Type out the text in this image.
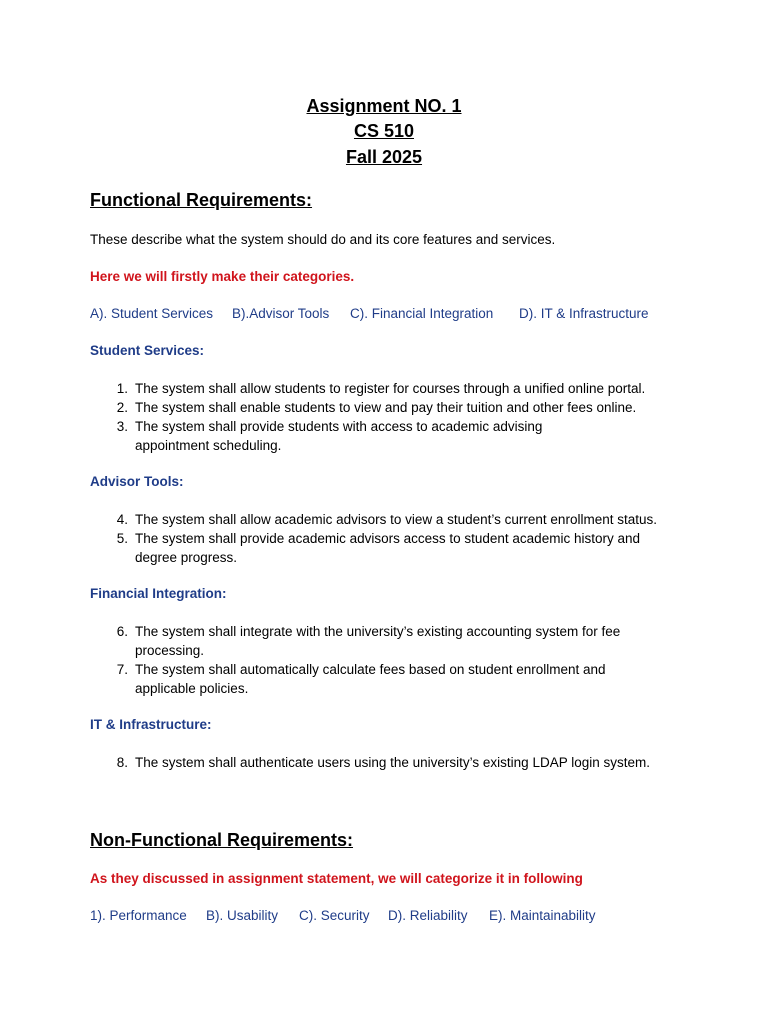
Assignment NO. 1
CS 510
Fall 2025
Functional Requirements:
These describe what the system should do and its core features and services.
Here we will firstly make their categories.
A). Student Services B).Advisor Tools C). Financial Integration D). IT & Infrastructure
Student Services:
1 . The system shall allow students to register for courses through a unified online portal.
2 . The system shall enable students to view and pay their tuition and other fees online.
3 . The system shall provide students with access to academic advising appointment scheduling.
Advisor Tools:
4 . The system shall allow academic advisors to view a student’s current enrollment status.
5 . The system shall provide academic advisors access to student academic history and degree progress.
Financial Integration:
6 . The system shall integrate with the university’s existing accounting system for fee processing.
7 . The system shall automatically calculate fees based on student enrollment and applicable policies.
IT & Infrastructure:
8 . The system shall authenticate users using the university’s existing LDAP login system.
Non-Functional Requirements:
As they discussed in assignment statement, we will categorize it in following
1). Performance B). Usability C). Security D). Reliability E). Maintainability
